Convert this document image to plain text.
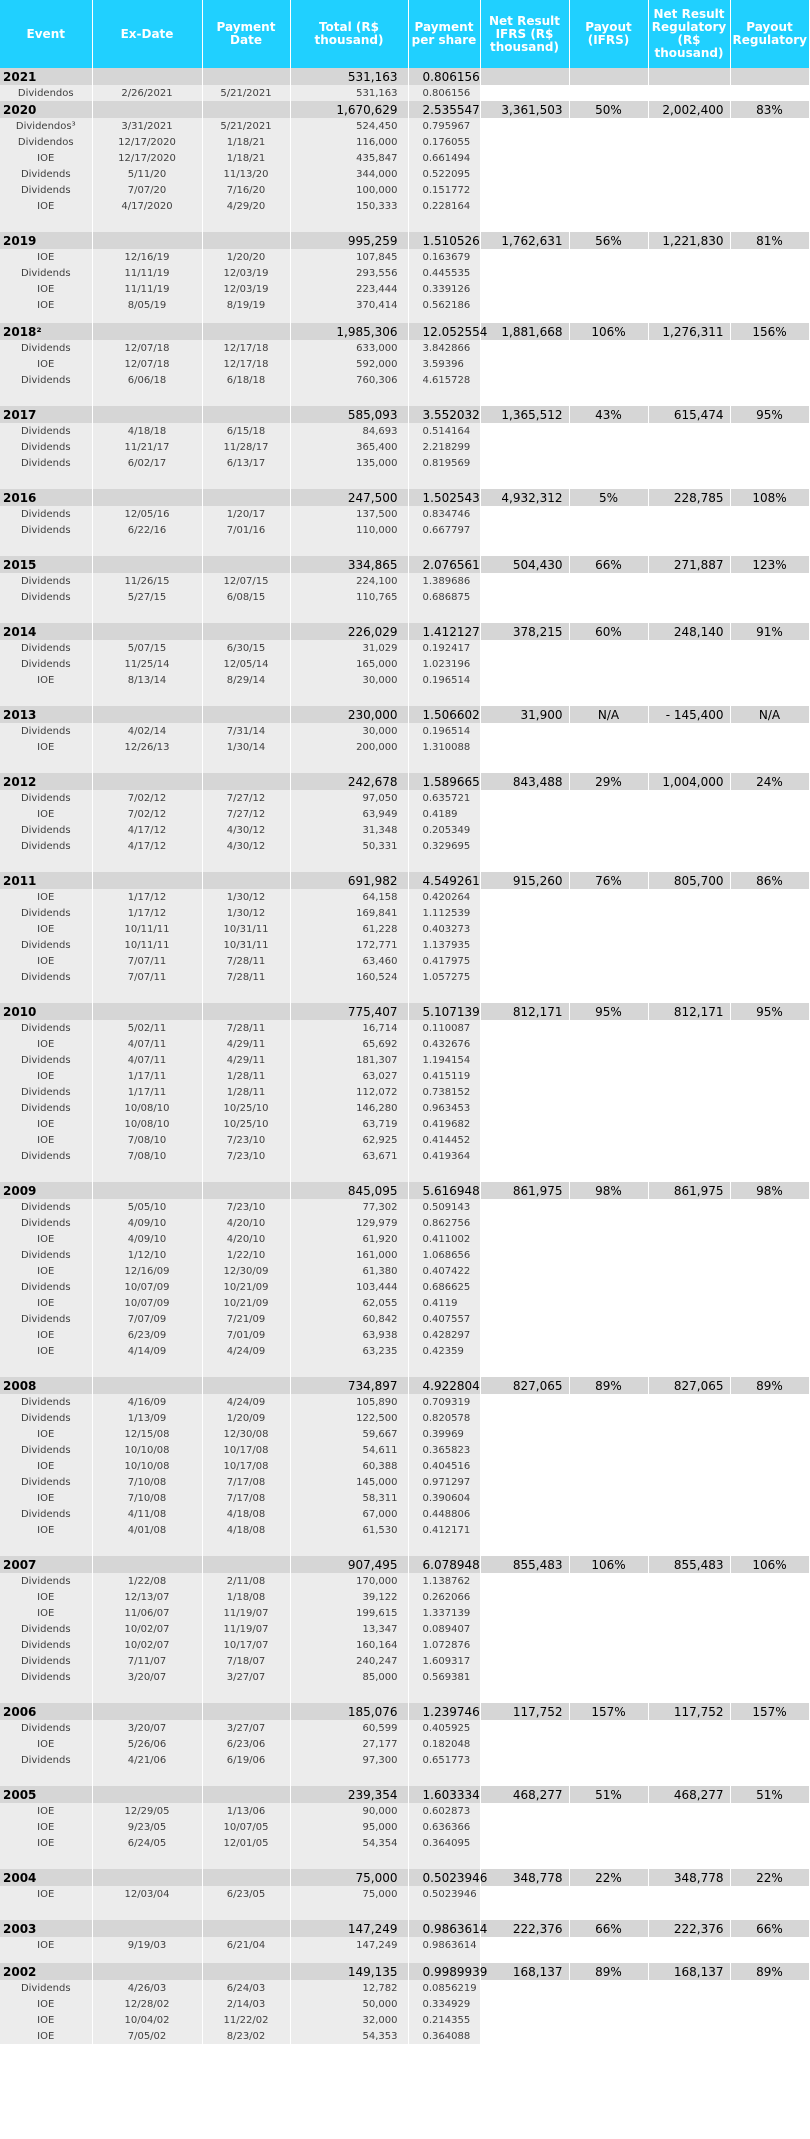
Event	Ex-Date	Payment Date	Total (R$ thousand)	Payment per share	Net Result IFRS (R$ thousand)	Payout (IFRS)	Net Result Regulatory (R$ thousand)	Payout Regulatory
2021			531,163	0.806156				
Dividendos	2/26/2021	5/21/2021	531,163	0.806156				
2020			1,670,629	2.535547	3,361,503	50%	2,002,400	83%
Dividendos³	3/31/2021	5/21/2021	524,450	0.795967				
Dividendos	12/17/2020	1/18/21	116,000	0.176055				
IOE	12/17/2020	1/18/21	435,847	0.661494				
Dividends	5/11/20	11/13/20	344,000	0.522095				
Dividends	7/07/20	7/16/20	100,000	0.151772				
IOE	4/17/2020	4/29/20	150,333	0.228164				

2019			995,259	1.510526	1,762,631	56%	1,221,830	81%
IOE	12/16/19	1/20/20	107,845	0.163679				
Dividends	11/11/19	12/03/19	293,556	0.445535				
IOE	11/11/19	12/03/19	223,444	0.339126				
IOE	8/05/19	8/19/19	370,414	0.562186				

2018²			1,985,306	12.052554	1,881,668	106%	1,276,311	156%
Dividends	12/07/18	12/17/18	633,000	3.842866				
IOE	12/07/18	12/17/18	592,000	3.59396				
Dividends	6/06/18	6/18/18	760,306	4.615728				

2017			585,093	3.552032	1,365,512	43%	615,474	95%
Dividends	4/18/18	6/15/18	84,693	0.514164				
Dividends	11/21/17	11/28/17	365,400	2.218299				
Dividends	6/02/17	6/13/17	135,000	0.819569				

2016			247,500	1.502543	4,932,312	5%	228,785	108%
Dividends	12/05/16	1/20/17	137,500	0.834746				
Dividends	6/22/16	7/01/16	110,000	0.667797				

2015			334,865	2.076561	504,430	66%	271,887	123%
Dividends	11/26/15	12/07/15	224,100	1.389686				
Dividends	5/27/15	6/08/15	110,765	0.686875				

2014			226,029	1.412127	378,215	60%	248,140	91%
Dividends	5/07/15	6/30/15	31,029	0.192417				
Dividends	11/25/14	12/05/14	165,000	1.023196				
IOE	8/13/14	8/29/14	30,000	0.196514				

2013			230,000	1.506602	31,900	N/A	- 145,400	N/A
Dividends	4/02/14	7/31/14	30,000	0.196514				
IOE	12/26/13	1/30/14	200,000	1.310088				

2012			242,678	1.589665	843,488	29%	1,004,000	24%
Dividends	7/02/12	7/27/12	97,050	0.635721				
IOE	7/02/12	7/27/12	63,949	0.4189				
Dividends	4/17/12	4/30/12	31,348	0.205349				
Dividends	4/17/12	4/30/12	50,331	0.329695				

2011			691,982	4.549261	915,260	76%	805,700	86%
IOE	1/17/12	1/30/12	64,158	0.420264				
Dividends	1/17/12	1/30/12	169,841	1.112539				
IOE	10/11/11	10/31/11	61,228	0.403273				
Dividends	10/11/11	10/31/11	172,771	1.137935				
IOE	7/07/11	7/28/11	63,460	0.417975				
Dividends	7/07/11	7/28/11	160,524	1.057275				

2010			775,407	5.107139	812,171	95%	812,171	95%
Dividends	5/02/11	7/28/11	16,714	0.110087				
IOE	4/07/11	4/29/11	65,692	0.432676				
Dividends	4/07/11	4/29/11	181,307	1.194154				
IOE	1/17/11	1/28/11	63,027	0.415119				
Dividends	1/17/11	1/28/11	112,072	0.738152				
Dividends	10/08/10	10/25/10	146,280	0.963453				
IOE	10/08/10	10/25/10	63,719	0.419682				
IOE	7/08/10	7/23/10	62,925	0.414452				
Dividends	7/08/10	7/23/10	63,671	0.419364				

2009			845,095	5.616948	861,975	98%	861,975	98%
Dividends	5/05/10	7/23/10	77,302	0.509143				
Dividends	4/09/10	4/20/10	129,979	0.862756				
IOE	4/09/10	4/20/10	61,920	0.411002				
Dividends	1/12/10	1/22/10	161,000	1.068656				
IOE	12/16/09	12/30/09	61,380	0.407422				
Dividends	10/07/09	10/21/09	103,444	0.686625				
IOE	10/07/09	10/21/09	62,055	0.4119				
Dividends	7/07/09	7/21/09	60,842	0.407557				
IOE	6/23/09	7/01/09	63,938	0.428297				
IOE	4/14/09	4/24/09	63,235	0.42359				

2008			734,897	4.922804	827,065	89%	827,065	89%
Dividends	4/16/09	4/24/09	105,890	0.709319				
Dividends	1/13/09	1/20/09	122,500	0.820578				
IOE	12/15/08	12/30/08	59,667	0.39969				
Dividends	10/10/08	10/17/08	54,611	0.365823				
IOE	10/10/08	10/17/08	60,388	0.404516				
Dividends	7/10/08	7/17/08	145,000	0.971297				
IOE	7/10/08	7/17/08	58,311	0.390604				
Dividends	4/11/08	4/18/08	67,000	0.448806				
IOE	4/01/08	4/18/08	61,530	0.412171				

2007			907,495	6.078948	855,483	106%	855,483	106%
Dividends	1/22/08	2/11/08	170,000	1.138762				
IOE	12/13/07	1/18/08	39,122	0.262066				
IOE	11/06/07	11/19/07	199,615	1.337139				
Dividends	10/02/07	11/19/07	13,347	0.089407				
Dividends	10/02/07	10/17/07	160,164	1.072876				
Dividends	7/11/07	7/18/07	240,247	1.609317				
Dividends	3/20/07	3/27/07	85,000	0.569381				

2006			185,076	1.239746	117,752	157%	117,752	157%
Dividends	3/20/07	3/27/07	60,599	0.405925				
IOE	5/26/06	6/23/06	27,177	0.182048				
Dividends	4/21/06	6/19/06	97,300	0.651773				

2005			239,354	1.603334	468,277	51%	468,277	51%
IOE	12/29/05	1/13/06	90,000	0.602873				
IOE	9/23/05	10/07/05	95,000	0.636366				
IOE	6/24/05	12/01/05	54,354	0.364095				

2004			75,000	0.5023946	348,778	22%	348,778	22%
IOE	12/03/04	6/23/05	75,000	0.5023946				

2003			147,249	0.9863614	222,376	66%	222,376	66%
IOE	9/19/03	6/21/04	147,249	0.9863614				

2002			149,135	0.9989939	168,137	89%	168,137	89%
Dividends	4/26/03	6/24/03	12,782	0.0856219				
IOE	12/28/02	2/14/03	50,000	0.334929				
IOE	10/04/02	11/22/02	32,000	0.214355				
IOE	7/05/02	8/23/02	54,353	0.364088				
